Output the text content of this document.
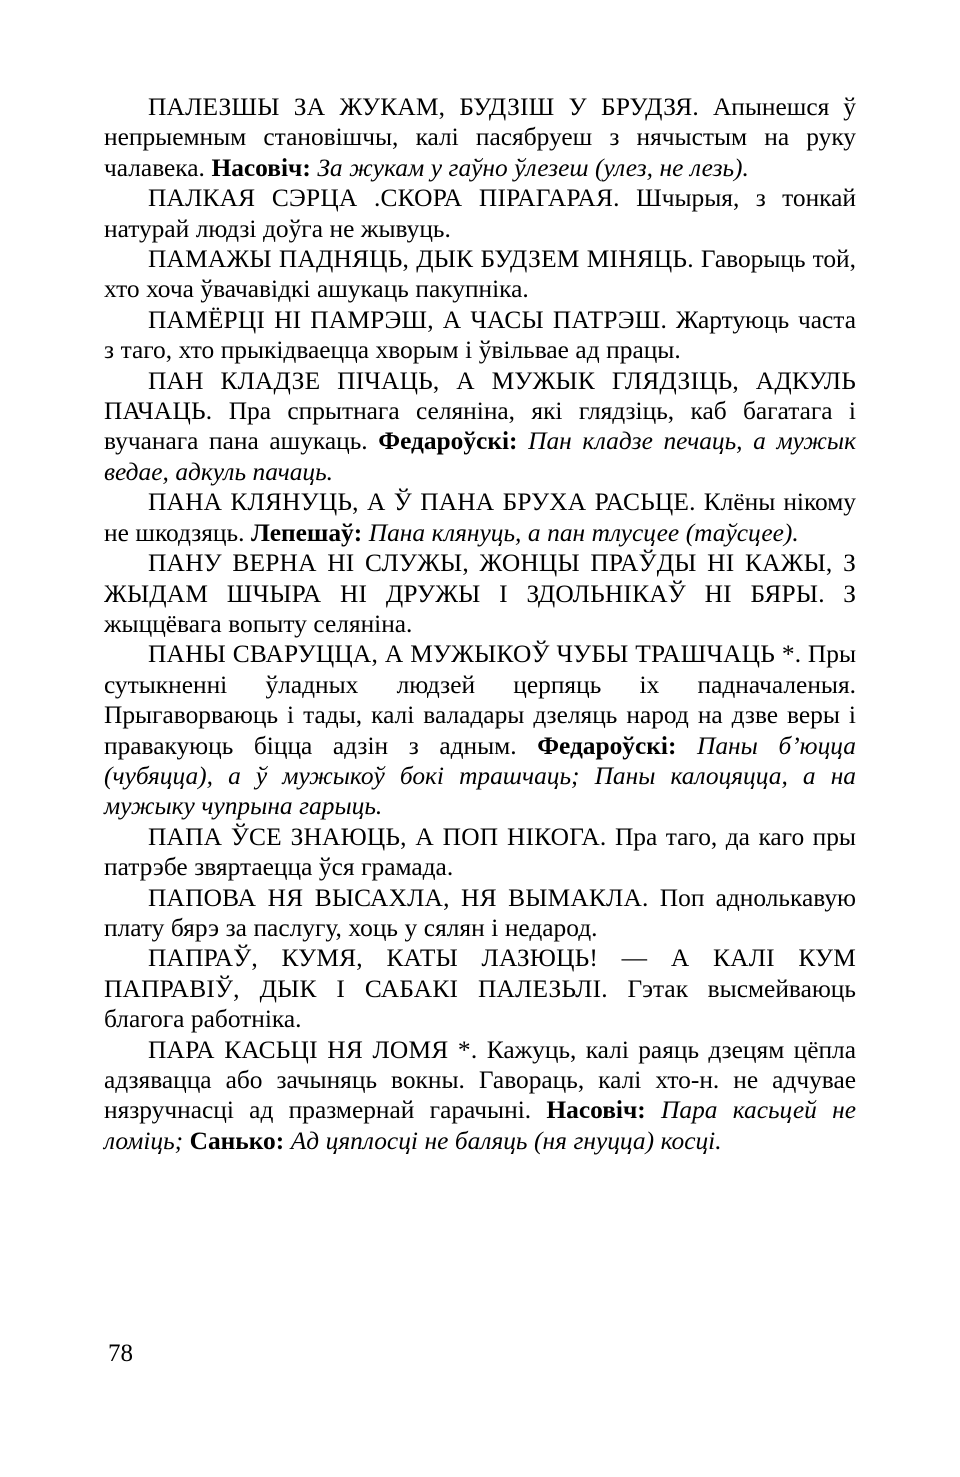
ПАЛЕЗШЫ ЗА ЖУКАМ, БУДЗІШ У БРУДЗЯ. Апынешся ў непрыемным становішчы, калі пасябруеш з нячыстым на руку чалавека. Насовіч: За жукам у гаўно ўлезеш (улез, не лезь).

ПАЛКАЯ СЭРЦА .СКОРА ПІРАГАРАЯ. Шчырыя, з тонкай натурай людзі доўга не жывуць.

ПАМАЖЫ ПАДНЯЦЬ, ДЫК БУДЗЕМ МІНЯЦЬ. Гаворыць той, хто хоча ўвачавідкі ашукаць пакупніка.

ПАМЁРЦІ НІ ПАМРЭШ, А ЧАСЫ ПАТРЭШ. Жартуюць часта з таго, хто прыкідваецца хворым і ўвільвае ад працы.

ПАН КЛАДЗЕ ПІЧАЦЬ, А МУЖЫК ГЛЯДЗІЦЬ, АДКУЛЬ ПАЧАЦЬ. Пра спрытнага селяніна, які глядзіць, каб багатага і вучанага пана ашукаць. Федароўскі: Пан кладзе печаць, а мужык ведае, адкуль пачаць.

ПАНА КЛЯНУЦЬ, А Ў ПАНА БРУХА РАСЬЦЕ. Клёны нікому не шкодзяць. Лепешаў: Пана клянуць, а пан тлусцее (таўсцее).

ПАНУ ВЕРНА НІ СЛУЖЫ, ЖОНЦЫ ПРАЎДЫ НІ КАЖЫ, З ЖЫДАМ ШЧЫРА НІ ДРУЖЫ І ЗДОЛЬНІКАЎ НІ БЯРЫ. З жыццёвага вопыту селяніна.

ПАНЫ СВАРУЦЦА, А МУЖЫКОЎ ЧУБЫ ТРАШЧАЦЬ *. Пры сутыкненні ўладных людзей церпяць іх падначаленыя. Прыгаворваюць і тады, калі валадары дзеляць народ на дзве веры і правакуюць біцца адзін з адным. Федароўскі: Паны б’юцца (чубяцца), а ў мужыкоў бокі трашчаць; Паны калоцяцца, а на мужыку чупрына гарыць.

ПАПА ЎСЕ ЗНАЮЦЬ, А ПОП НІКОГА. Пра таго, да каго пры патрэбе звяртаецца ўся грамада.

ПАПОВА НЯ ВЫСАХЛА, НЯ ВЫМАКЛА. Поп аднолькавую плату бярэ за паслугу, хоць у сялян і недарод.

ПАПРАЎ, КУМЯ, КАТЫ ЛАЗЮЦЬ! — А КАЛІ КУМ ПАПРАВІЎ, ДЫК І САБАКІ ПАЛЕЗЬЛІ. Гэтак высмейваюць благога работніка.

ПАРА КАСЬЦІ НЯ ЛОМЯ *. Кажуць, калі раяць дзецям цёпла адзявацца або зачыняць вокны. Гавораць, калі хто-н. не адчувае нязручнасці ад празмернай гарачыні. Насовіч: Пара касьцей не ломіць; Санько: Ад цяплосці не баляць (ня гнуцца) косці.

78
